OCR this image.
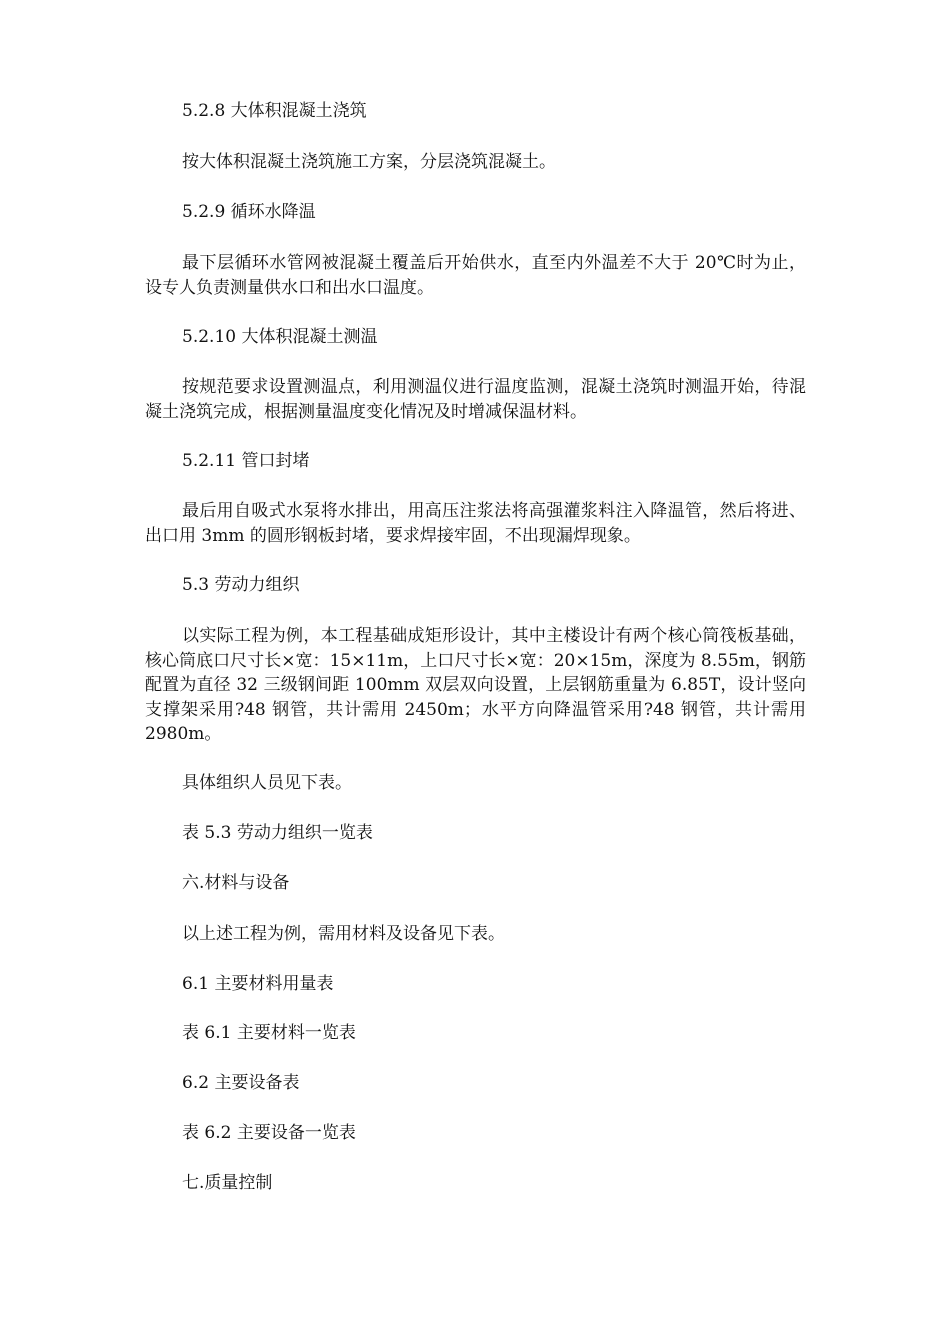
5.2.8 大体积混凝土浇筑

按大体积混凝土浇筑施工方案，分层浇筑混凝土。

5.2.9 循环水降温

最下层循环水管网被混凝土覆盖后开始供水，直至内外温差不大于 20℃时为止，设专人负责测量供水口和出水口温度。

5.2.10 大体积混凝土测温

按规范要求设置测温点，利用测温仪进行温度监测，混凝土浇筑时测温开始，待混凝土浇筑完成，根据测量温度变化情况及时增减保温材料。

5.2.11 管口封堵

最后用自吸式水泵将水排出，用高压注浆法将高强灌浆料注入降温管，然后将进、出口用 3mm 的圆形钢板封堵，要求焊接牢固，不出现漏焊现象。

5.3 劳动力组织

以实际工程为例，本工程基础成矩形设计，其中主楼设计有两个核心筒筏板基础，核心筒底口尺寸长×宽：15×11m，上口尺寸长×宽：20×15m，深度为 8.55m，钢筋配置为直径 32 三级钢间距 100mm 双层双向设置，上层钢筋重量为 6.85T，设计竖向支撑架采用?48 钢管，共计需用 2450m；水平方向降温管采用?48 钢管，共计需用 2980m。

具体组织人员见下表。

表 5.3 劳动力组织一览表

六.材料与设备

以上述工程为例，需用材料及设备见下表。

6.1 主要材料用量表

表 6.1 主要材料一览表

6.2 主要设备表

表 6.2 主要设备一览表

七.质量控制
